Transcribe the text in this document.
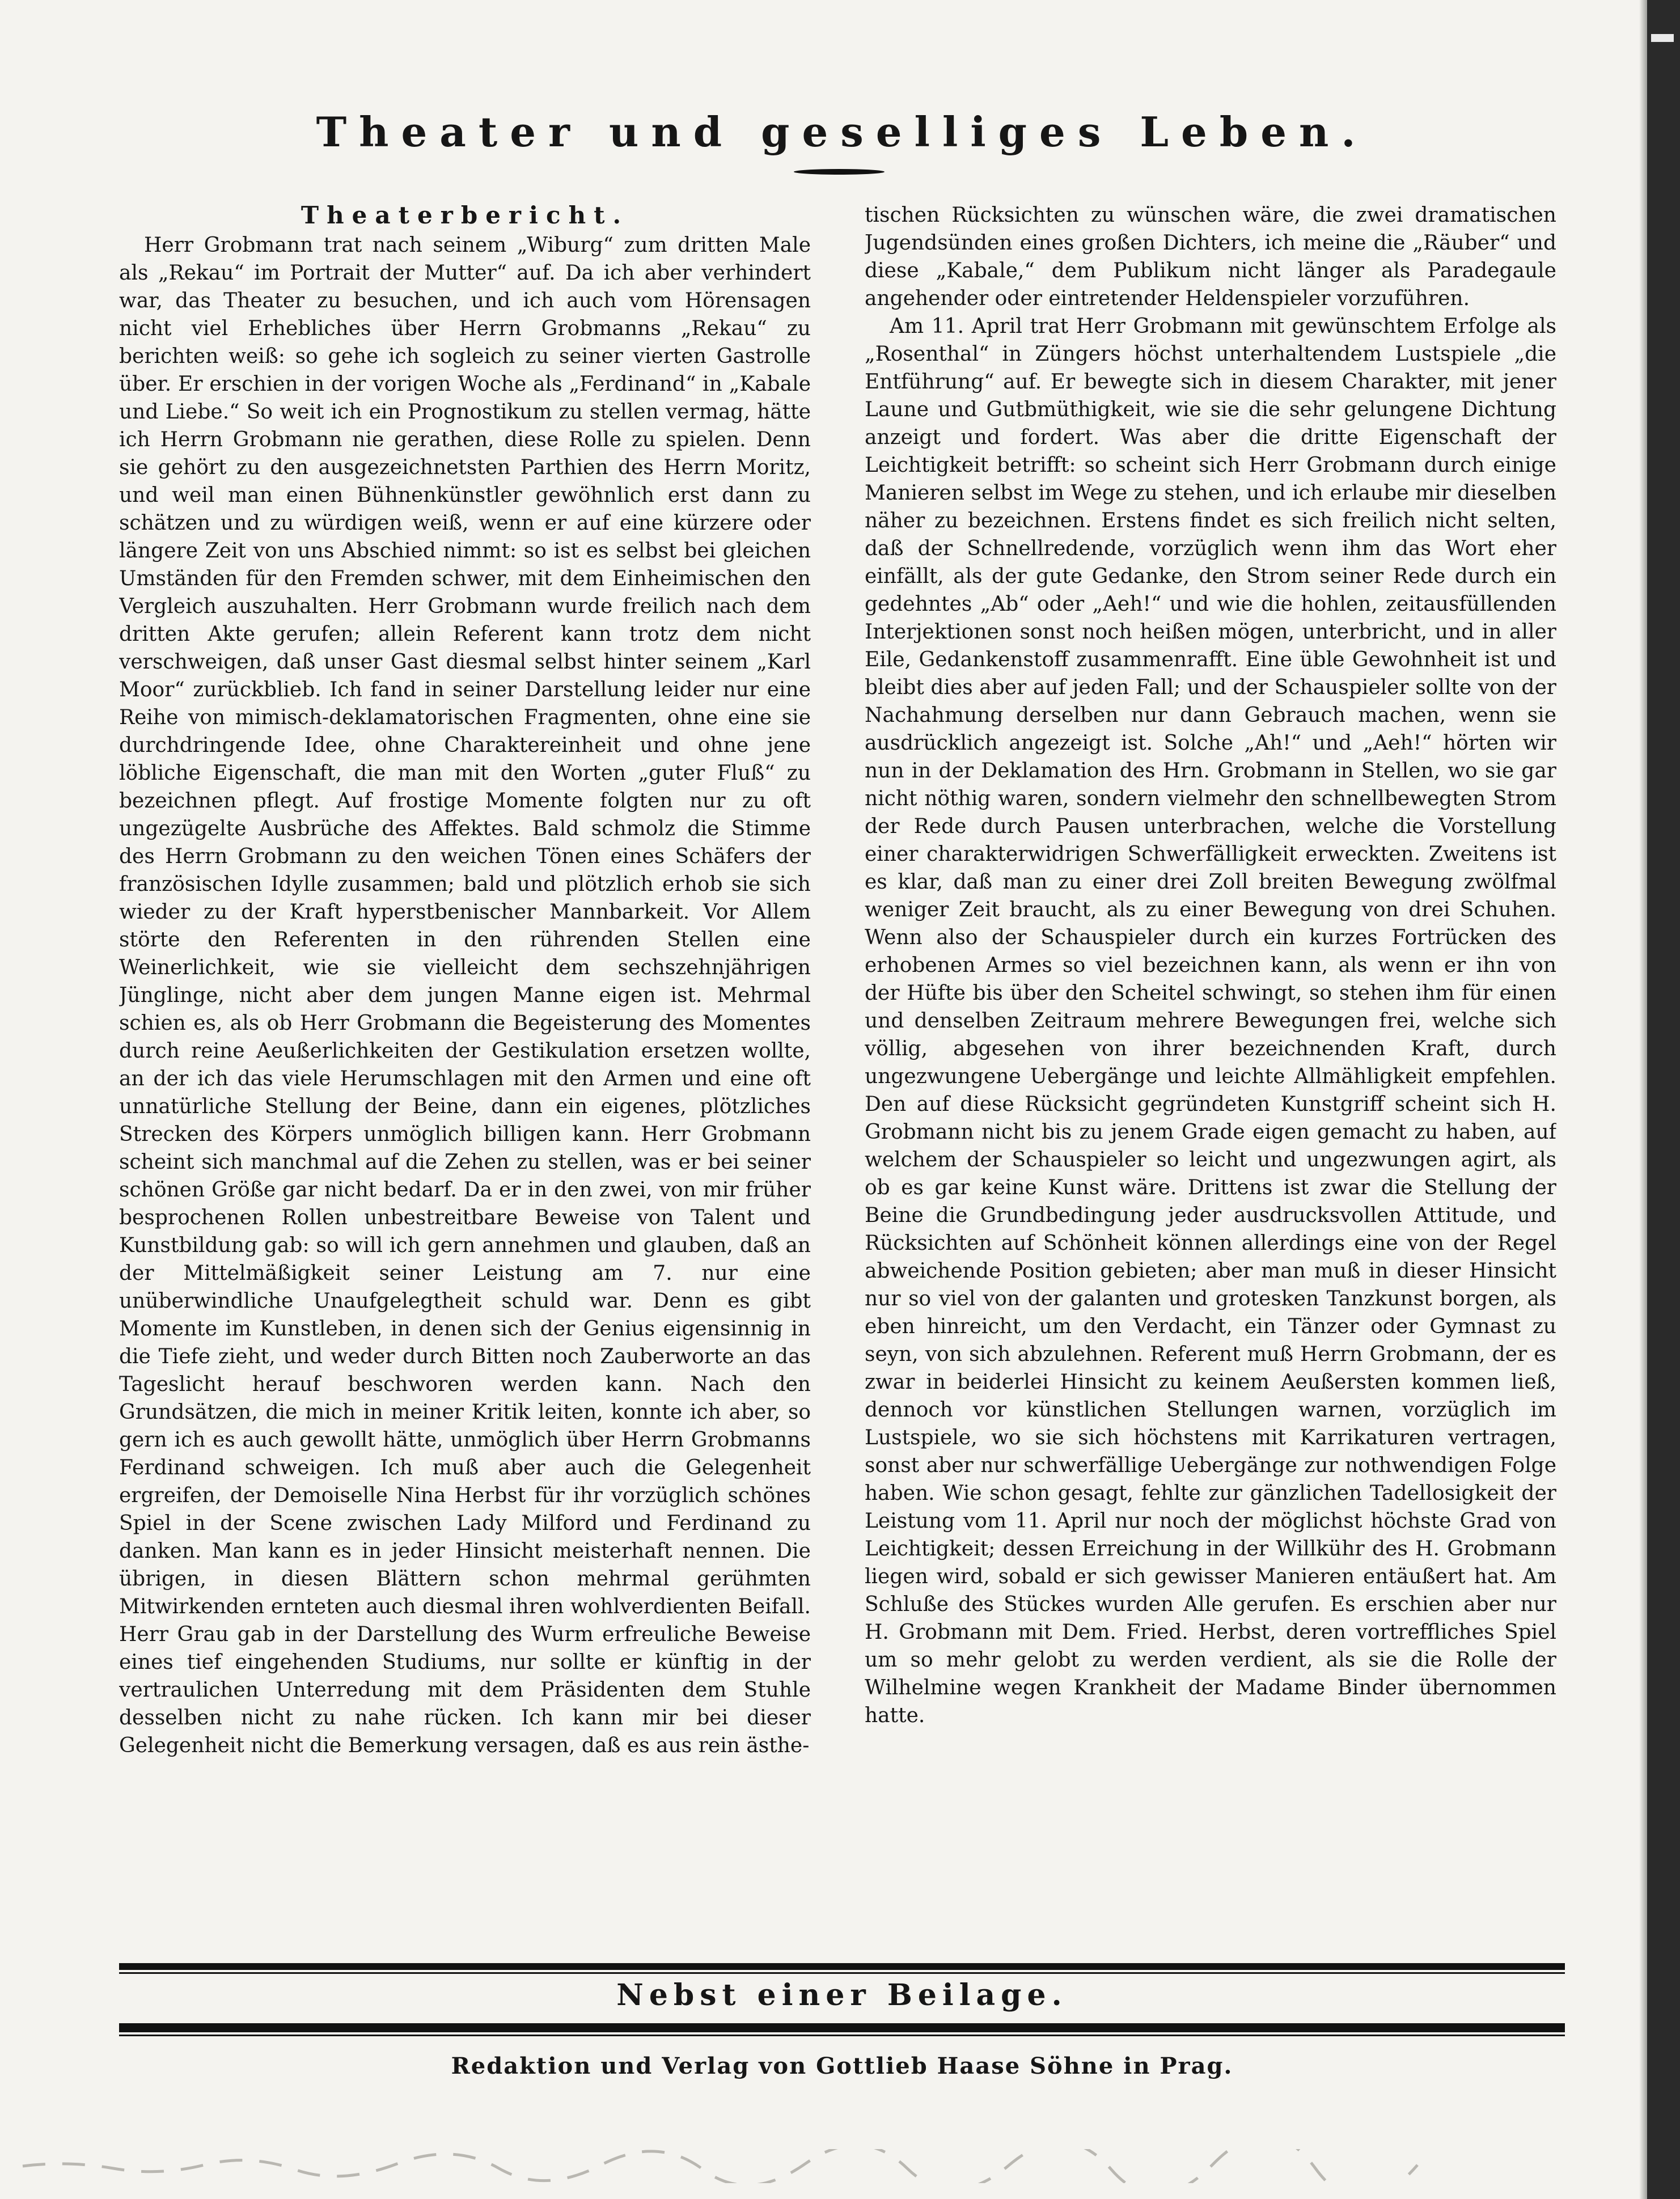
Theater und geselliges Leben.
Theaterbericht.

Herr Grobmann trat nach seinem „Wiburg“ zum dritten Male als „Rekau“ im Portrait der Mutter“ auf. Da ich aber verhindert war, das Theater zu besuchen, und ich auch vom Hörensagen nicht viel Erhebliches über Herrn Grobmanns „Rekau“ zu berichten weiß: so gehe ich sogleich zu seiner vierten Gastrolle über. Er erschien in der vorigen Woche als „Ferdinand“ in „Kabale und Liebe.“ So weit ich ein Prognostikum zu stellen vermag, hätte ich Herrn Grobmann nie gerathen, diese Rolle zu spielen. Denn sie gehört zu den ausgezeichnetsten Parthien des Herrn Moritz, und weil man einen Bühnenkünstler gewöhnlich erst dann zu schätzen und zu würdigen weiß, wenn er auf eine kürzere oder längere Zeit von uns Abschied nimmt: so ist es selbst bei gleichen Umständen für den Fremden schwer, mit dem Einheimischen den Vergleich auszuhalten. Herr Grobmann wurde freilich nach dem dritten Akte gerufen; allein Referent kann trotz dem nicht verschweigen, daß unser Gast diesmal selbst hinter seinem „Karl Moor“ zurückblieb. Ich fand in seiner Darstellung leider nur eine Reihe von mimisch-deklamatorischen Fragmenten, ohne eine sie durchdringende Idee, ohne Charaktereinheit und ohne jene löbliche Eigenschaft, die man mit den Worten „guter Fluß“ zu bezeichnen pflegt. Auf frostige Momente folgten nur zu oft ungezügelte Ausbrüche des Affektes. Bald schmolz die Stimme des Herrn Grobmann zu den weichen Tönen eines Schäfers der französischen Idylle zusammen; bald und plötzlich erhob sie sich wieder zu der Kraft hyperstbenischer Mannbarkeit. Vor Allem störte den Referenten in den rührenden Stellen eine Weinerlichkeit, wie sie vielleicht dem sechszehnjährigen Jünglinge, nicht aber dem jungen Manne eigen ist. Mehrmal schien es, als ob Herr Grobmann die Begeisterung des Momentes durch reine Aeußerlichkeiten der Gestikulation ersetzen wollte, an der ich das viele Herumschlagen mit den Armen und eine oft unnatürliche Stellung der Beine, dann ein eigenes, plötzliches Strecken des Körpers unmöglich billigen kann. Herr Grobmann scheint sich manchmal auf die Zehen zu stellen, was er bei seiner schönen Größe gar nicht bedarf. Da er in den zwei, von mir früher besprochenen Rollen unbestreitbare Beweise von Talent und Kunstbildung gab: so will ich gern annehmen und glauben, daß an der Mittelmäßigkeit seiner Leistung am 7. nur eine unüberwindliche Unaufgelegtheit schuld war. Denn es gibt Momente im Kunstleben, in denen sich der Genius eigensinnig in die Tiefe zieht, und weder durch Bitten noch Zauberworte an das Tageslicht herauf beschworen werden kann. Nach den Grundsätzen, die mich in meiner Kritik leiten, konnte ich aber, so gern ich es auch gewollt hätte, unmöglich über Herrn Grobmanns Ferdinand schweigen. Ich muß aber auch die Gelegenheit ergreifen, der Demoiselle Nina Herbst für ihr vorzüglich schönes Spiel in der Scene zwischen Lady Milford und Ferdinand zu danken. Man kann es in jeder Hinsicht meisterhaft nennen. Die übrigen, in diesen Blättern schon mehrmal gerühmten Mitwirkenden ernteten auch diesmal ihren wohlverdienten Beifall. Herr Grau gab in der Darstellung des Wurm erfreuliche Beweise eines tief eingehenden Studiums, nur sollte er künftig in der vertraulichen Unterredung mit dem Präsidenten dem Stuhle desselben nicht zu nahe rücken. Ich kann mir bei dieser Gelegenheit nicht die Bemerkung versagen, daß es aus rein ästhe-

tischen Rücksichten zu wünschen wäre, die zwei dramatischen Jugendsünden eines großen Dichters, ich meine die „Räuber“ und diese „Kabale,“ dem Publikum nicht länger als Paradegaule angehender oder eintretender Heldenspieler vorzuführen.

Am 11. April trat Herr Grobmann mit gewünschtem Erfolge als „Rosenthal“ in Züngers höchst unterhaltendem Lustspiele „die Entführung“ auf. Er bewegte sich in diesem Charakter, mit jener Laune und Gutbmüthigkeit, wie sie die sehr gelungene Dichtung anzeigt und fordert. Was aber die dritte Eigenschaft der Leichtigkeit betrifft: so scheint sich Herr Grobmann durch einige Manieren selbst im Wege zu stehen, und ich erlaube mir dieselben näher zu bezeichnen. Erstens findet es sich freilich nicht selten, daß der Schnellredende, vorzüglich wenn ihm das Wort eher einfällt, als der gute Gedanke, den Strom seiner Rede durch ein gedehntes „Ab“ oder „Aeh!“ und wie die hohlen, zeitausfüllenden Interjektionen sonst noch heißen mögen, unterbricht, und in aller Eile, Gedankenstoff zusammenrafft. Eine üble Gewohnheit ist und bleibt dies aber auf jeden Fall; und der Schauspieler sollte von der Nachahmung derselben nur dann Gebrauch machen, wenn sie ausdrücklich angezeigt ist. Solche „Ah!“ und „Aeh!“ hörten wir nun in der Deklamation des Hrn. Grobmann in Stellen, wo sie gar nicht nöthig waren, sondern vielmehr den schnellbewegten Strom der Rede durch Pausen unterbrachen, welche die Vorstellung einer charakterwidrigen Schwerfälligkeit erweckten. Zweitens ist es klar, daß man zu einer drei Zoll breiten Bewegung zwölfmal weniger Zeit braucht, als zu einer Bewegung von drei Schuhen. Wenn also der Schauspieler durch ein kurzes Fortrücken des erhobenen Armes so viel bezeichnen kann, als wenn er ihn von der Hüfte bis über den Scheitel schwingt, so stehen ihm für einen und denselben Zeitraum mehrere Bewegungen frei, welche sich völlig, abgesehen von ihrer bezeichnenden Kraft, durch ungezwungene Uebergänge und leichte Allmähligkeit empfehlen. Den auf diese Rücksicht gegründeten Kunstgriff scheint sich H. Grobmann nicht bis zu jenem Grade eigen gemacht zu haben, auf welchem der Schauspieler so leicht und ungezwungen agirt, als ob es gar keine Kunst wäre. Drittens ist zwar die Stellung der Beine die Grundbedingung jeder ausdrucksvollen Attitude, und Rücksichten auf Schönheit können allerdings eine von der Regel abweichende Position gebieten; aber man muß in dieser Hinsicht nur so viel von der galanten und grotesken Tanzkunst borgen, als eben hinreicht, um den Verdacht, ein Tänzer oder Gymnast zu seyn, von sich abzulehnen. Referent muß Herrn Grobmann, der es zwar in beiderlei Hinsicht zu keinem Aeußersten kommen ließ, dennoch vor künstlichen Stellungen warnen, vorzüglich im Lustspiele, wo sie sich höchstens mit Karrikaturen vertragen, sonst aber nur schwerfällige Uebergänge zur nothwendigen Folge haben. Wie schon gesagt, fehlte zur gänzlichen Tadellosigkeit der Leistung vom 11. April nur noch der möglichst höchste Grad von Leichtigkeit; dessen Erreichung in der Willkühr des H. Grobmann liegen wird, sobald er sich gewisser Manieren entäußert hat. Am Schluße des Stückes wurden Alle gerufen. Es erschien aber nur H. Grobmann mit Dem. Fried. Herbst, deren vortreffliches Spiel um so mehr gelobt zu werden verdient, als sie die Rolle der Wilhelmine wegen Krankheit der Madame Binder übernommen hatte.

Nebst einer Beilage.
Redaktion und Verlag von Gottlieb Haase Söhne in Prag.
